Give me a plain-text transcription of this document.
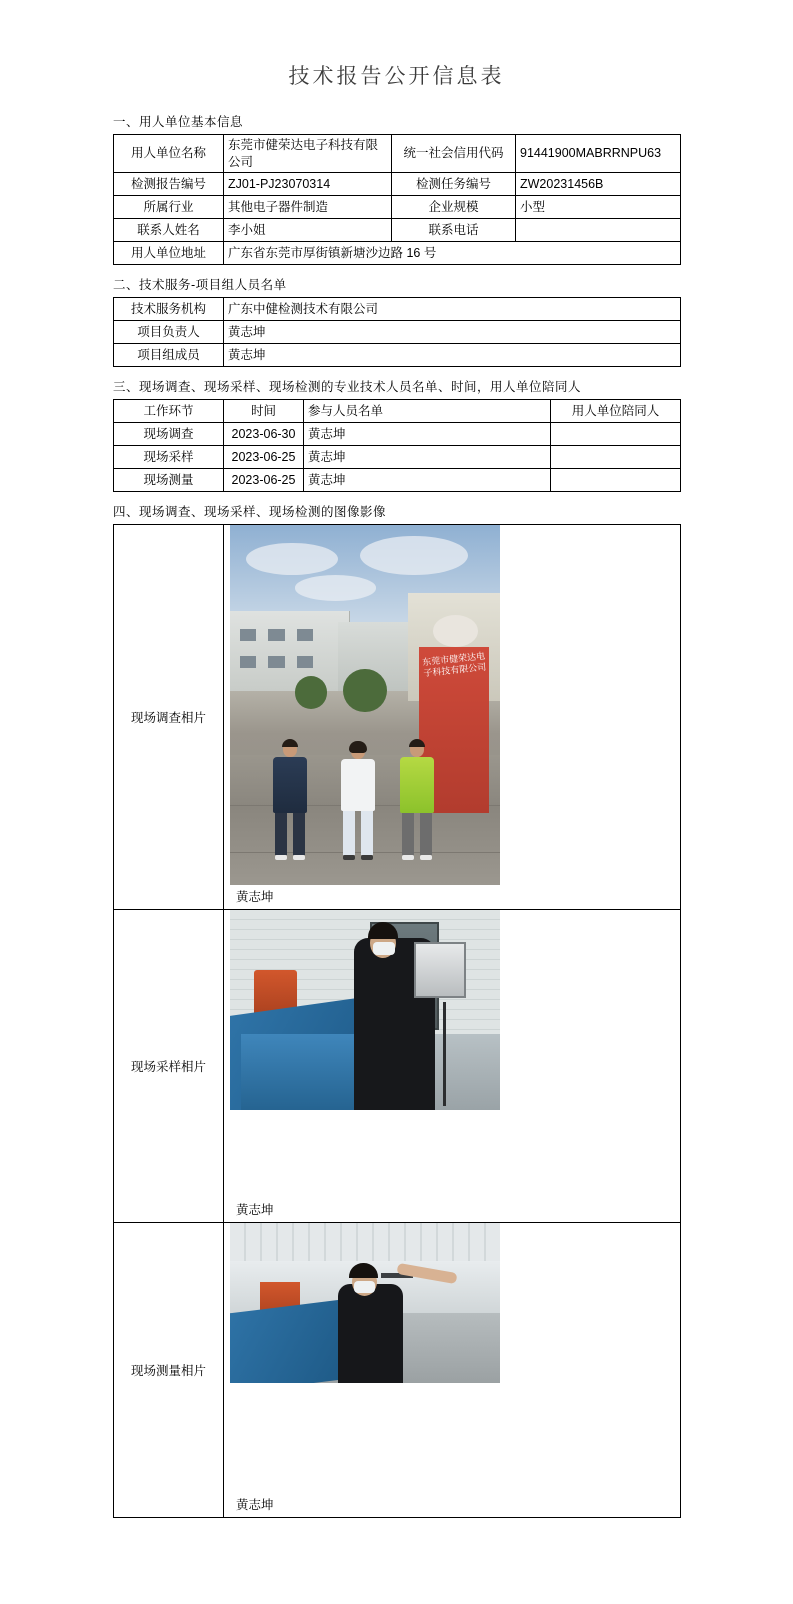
技术报告公开信息表
一、用人单位基本信息
用人单位名称	东莞市健荣达电子科技有限公司	统一社会信用代码	91441900MABRRNPU63
检测报告编号	ZJ01-PJ23070314	检测任务编号	ZW20231456B
所属行业	其他电子器件制造	企业规模	小型
联系人姓名	李小姐	联系电话	
用人单位地址	广东省东莞市厚街镇新塘沙边路 16 号		
二、技术服务-项目组人员名单
技术服务机构	广东中健检测技术有限公司
项目负责人	黄志坤
项目组成员	黄志坤
三、现场调查、现场采样、现场检测的专业技术人员名单、时间，用人单位陪同人
工作环节	时间	参与人员名单	用人单位陪同人
现场调查	2023-06-30	黄志坤	
现场采样	2023-06-25	黄志坤	
现场测量	2023-06-25	黄志坤	
四、现场调查、现场采样、现场检测的图像影像
现场调查相片	东莞市健荣达电子科技有限公司
黄志坤

现场采样相片	黄志坤

现场测量相片	黄志坤
